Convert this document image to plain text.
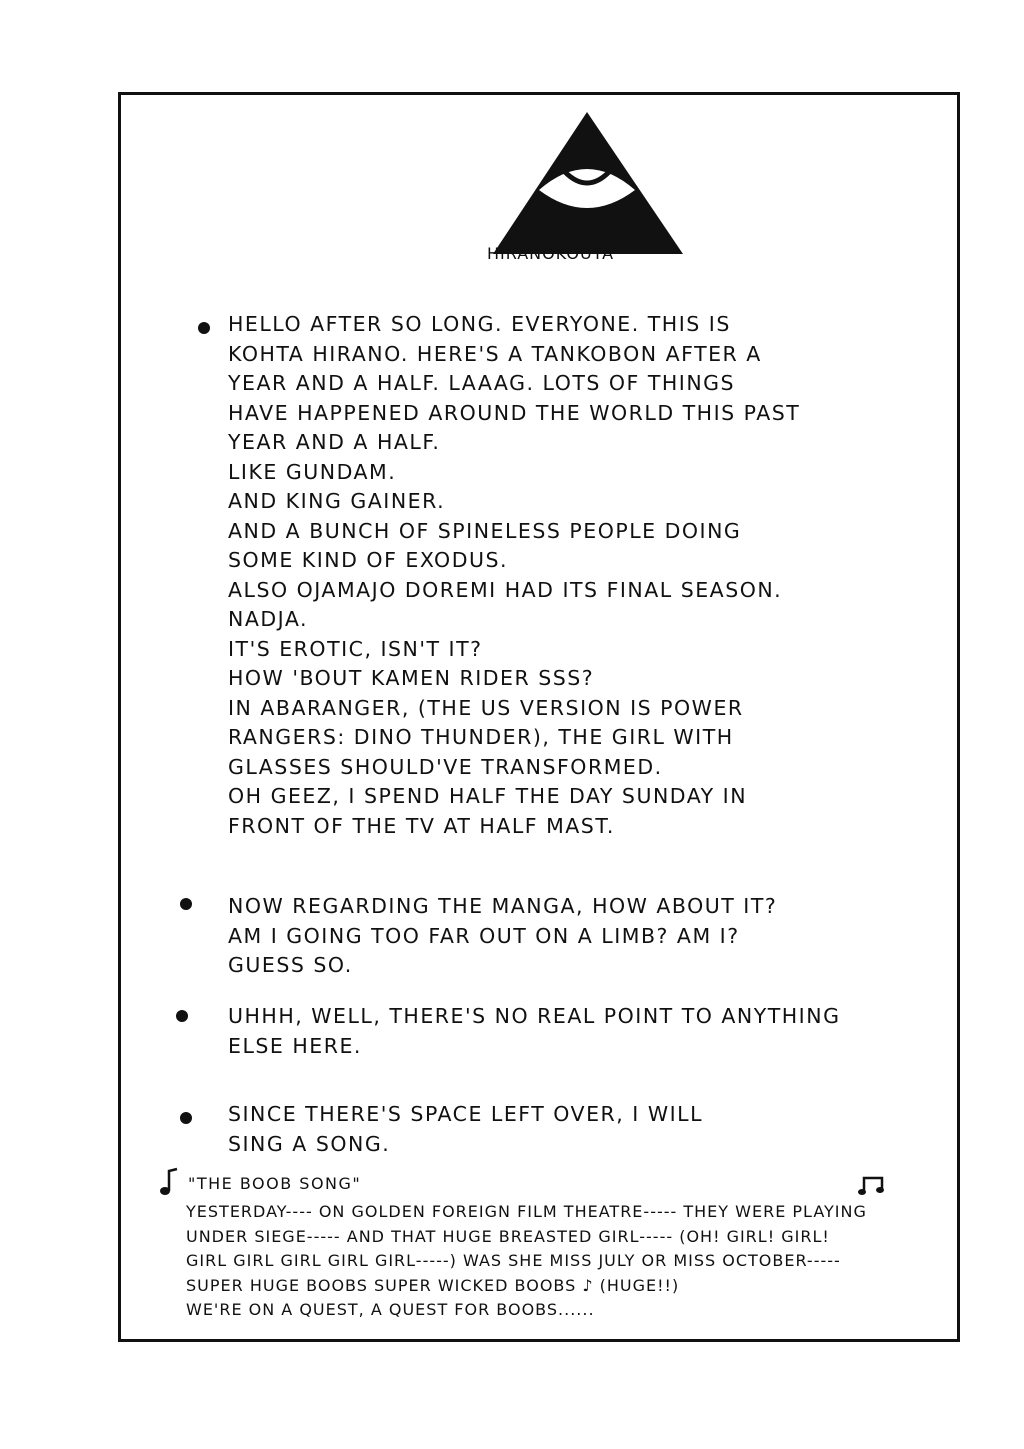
HIRANOKOUTA
HELLO AFTER SO LONG. EVERYONE. THIS IS
KOHTA HIRANO. HERE'S A TANKOBON AFTER A
YEAR AND A HALF. LAAAG. LOTS OF THINGS
HAVE HAPPENED AROUND THE WORLD THIS PAST
YEAR AND A HALF.
LIKE GUNDAM.
AND KING GAINER.
AND A BUNCH OF SPINELESS PEOPLE DOING
SOME KIND OF EXODUS.
ALSO OJAMAJO DOREMI HAD ITS FINAL SEASON.
NADJA.
IT'S EROTIC, ISN'T IT?
HOW 'BOUT KAMEN RIDER SSS?
IN ABARANGER, (THE US VERSION IS POWER
RANGERS: DINO THUNDER), THE GIRL WITH
GLASSES SHOULD'VE TRANSFORMED.
OH GEEZ, I SPEND HALF THE DAY SUNDAY IN
FRONT OF THE TV AT HALF MAST.
NOW REGARDING THE MANGA, HOW ABOUT IT?
AM I GOING TOO FAR OUT ON A LIMB? AM I?
GUESS SO.
UHHH, WELL, THERE'S NO REAL POINT TO ANYTHING
ELSE HERE.
SINCE THERE'S SPACE LEFT OVER, I WILL
SING A SONG.
"THE BOOB SONG"
YESTERDAY---- ON GOLDEN FOREIGN FILM THEATRE----- THEY WERE PLAYING
UNDER SIEGE----- AND THAT HUGE BREASTED GIRL----- (OH! GIRL! GIRL!
GIRL GIRL GIRL GIRL GIRL-----) WAS SHE MISS JULY OR MISS OCTOBER-----
SUPER HUGE BOOBS SUPER WICKED BOOBS ♪ (HUGE!!)
WE'RE ON A QUEST, A QUEST FOR BOOBS......
